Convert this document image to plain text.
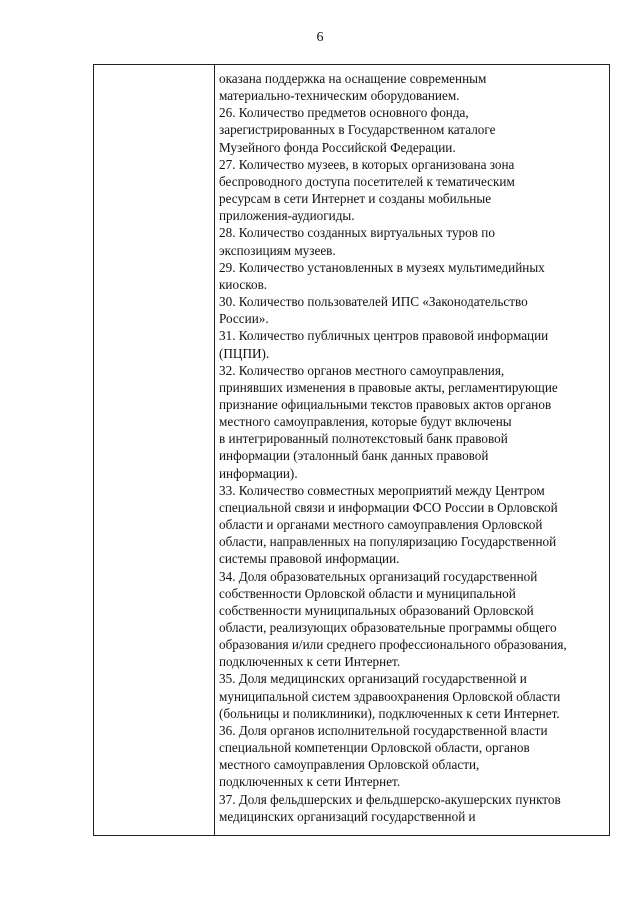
6

оказана поддержка на оснащение современным

материально-техническим оборудованием.

26. Количество предметов основного фонда,

зарегистрированных в Государственном каталоге

Музейного фонда Российской Федерации.

27. Количество музеев, в которых организована зона

беспроводного доступа посетителей к тематическим

ресурсам в сети Интернет и созданы мобильные

приложения-аудиогиды.

28. Количество созданных виртуальных туров по

экспозициям музеев.

29. Количество установленных в музеях мультимедийных

киосков.

30. Количество пользователей ИПС «Законодательство

России».

31. Количество публичных центров правовой информации

(ПЦПИ).

32. Количество органов местного самоуправления,

принявших изменения в правовые акты, регламентирующие

признание официальными текстов правовых актов органов

местного самоуправления, которые будут включены

в интегрированный полнотекстовый банк правовой

информации (эталонный банк данных правовой

информации).

33. Количество совместных мероприятий между Центром

специальной связи и информации ФСО России в Орловской

области и органами местного самоуправления Орловской

области, направленных на популяризацию Государственной

системы правовой информации.

34. Доля образовательных организаций государственной

собственности Орловской области и муниципальной

собственности муниципальных образований Орловской

области, реализующих образовательные программы общего

образования и/или среднего профессионального образования,

подключенных к сети Интернет.

35. Доля медицинских организаций государственной и

муниципальной систем здравоохранения Орловской области

(больницы и поликлиники), подключенных к сети Интернет.

36. Доля органов исполнительной государственной власти

специальной компетенции Орловской области, органов

местного самоуправления Орловской области,

подключенных к сети Интернет.

37. Доля фельдшерских и фельдшерско-акушерских пунктов

медицинских организаций государственной и
